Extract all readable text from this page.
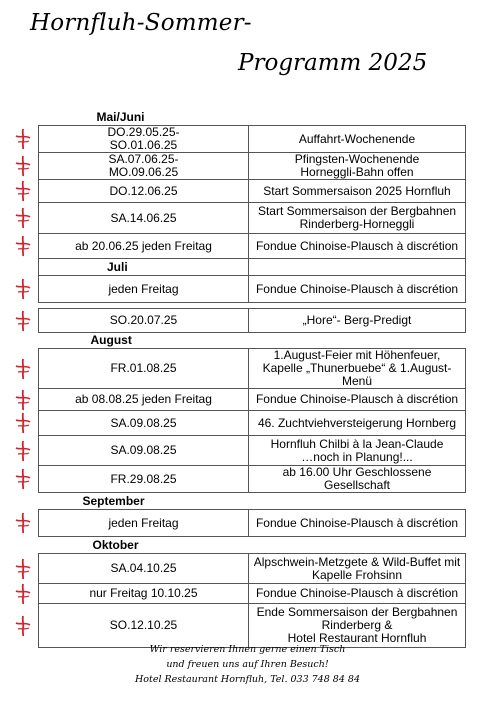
Hornfluh-Sommer-
Programm 2025
Mai/Juni	
DO.29.05.25-
SO.01.06.25	Auffahrt-Wochenende
SA.07.06.25-
MO.09.06.25	Pfingsten-Wochenende
Horneggli-Bahn offen
DO.12.06.25	Start Sommersaison 2025 Hornfluh
SA.14.06.25	Start Sommersaison der Bergbahnen
Rinderberg-Horneggli
ab 20.06.25 jeden Freitag	Fondue Chinoise-Plausch à discrétion
Juli	
jeden Freitag	Fondue Chinoise-Plausch à discrétion

SO.20.07.25	„Hore“- Berg-Predigt
August	
FR.01.08.25	1.August-Feier mit Höhenfeuer,
Kapelle „Thunerbuebe“ & 1.August-Menü
ab 08.08.25 jeden Freitag	Fondue Chinoise-Plausch à discrétion
SA.09.08.25	46. Zuchtviehversteigerung Hornberg
SA.09.08.25	Hornfluh Chilbi à la Jean-Claude
…noch in Planung!...
FR.29.08.25	ab 16.00 Uhr Geschlossene Gesellschaft
September	
jeden Freitag	Fondue Chinoise-Plausch à discrétion
Oktober	
SA.04.10.25	Alpschwein-Metzgete & Wild-Buffet mit
Kapelle Frohsinn
nur Freitag 10.10.25	Fondue Chinoise-Plausch à discrétion
SO.12.10.25	Ende Sommersaison der Bergbahnen
Rinderberg &
Hotel Restaurant Hornfluh
Wir reservieren Ihnen gerne einen Tisch
und freuen uns auf Ihren Besuch!
Hotel Restaurant Hornfluh, Tel. 033 748 84 84
